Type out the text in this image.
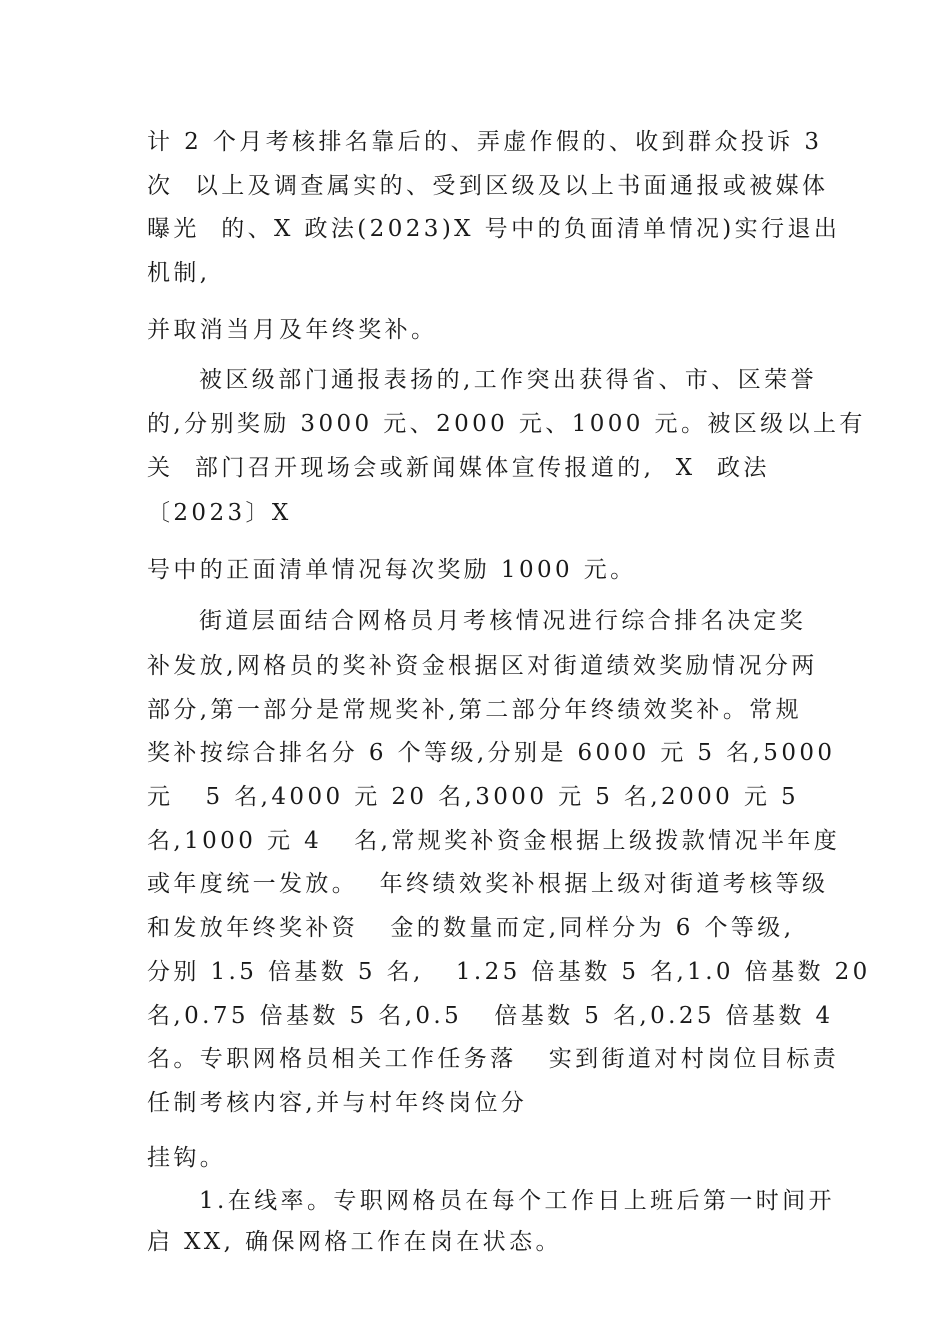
计 2 个月考核排名靠后的、弄虚作假的、收到群众投诉 3
次  以上及调查属实的、受到区级及以上书面通报或被媒体
曝光  的、X 政法(2023)X 号中的负面清单情况)实行退出
机制,
并取消当月及年终奖补。
被区级部门通报表扬的,工作突出获得省、市、区荣誉
的,分别奖励 3000 元、2000 元、1000 元。被区级以上有
关  部门召开现场会或新闻媒体宣传报道的,  X  政法
〔2023〕X
号中的正面清单情况每次奖励 1000 元。
街道层面结合网格员月考核情况进行综合排名决定奖
补发放,网格员的奖补资金根据区对街道绩效奖励情况分两
部分,第一部分是常规奖补,第二部分年终绩效奖补。常规
奖补按综合排名分 6 个等级,分别是 6000 元 5 名,5000
元   5 名,4000 元 20 名,3000 元 5 名,2000 元 5
名,1000 元 4   名,常规奖补资金根据上级拨款情况半年度
或年度统一发放。  年终绩效奖补根据上级对街道考核等级
和发放年终奖补资   金的数量而定,同样分为 6 个等级,
分别 1.5 倍基数 5 名,   1.25 倍基数 5 名,1.0 倍基数 20
名,0.75 倍基数 5 名,0.5   倍基数 5 名,0.25 倍基数 4
名。专职网格员相关工作任务落   实到街道对村岗位目标责
任制考核内容,并与村年终岗位分
挂钩。
1.在线率。专职网格员在每个工作日上班后第一时间开
启 XX, 确保网格工作在岗在状态。
